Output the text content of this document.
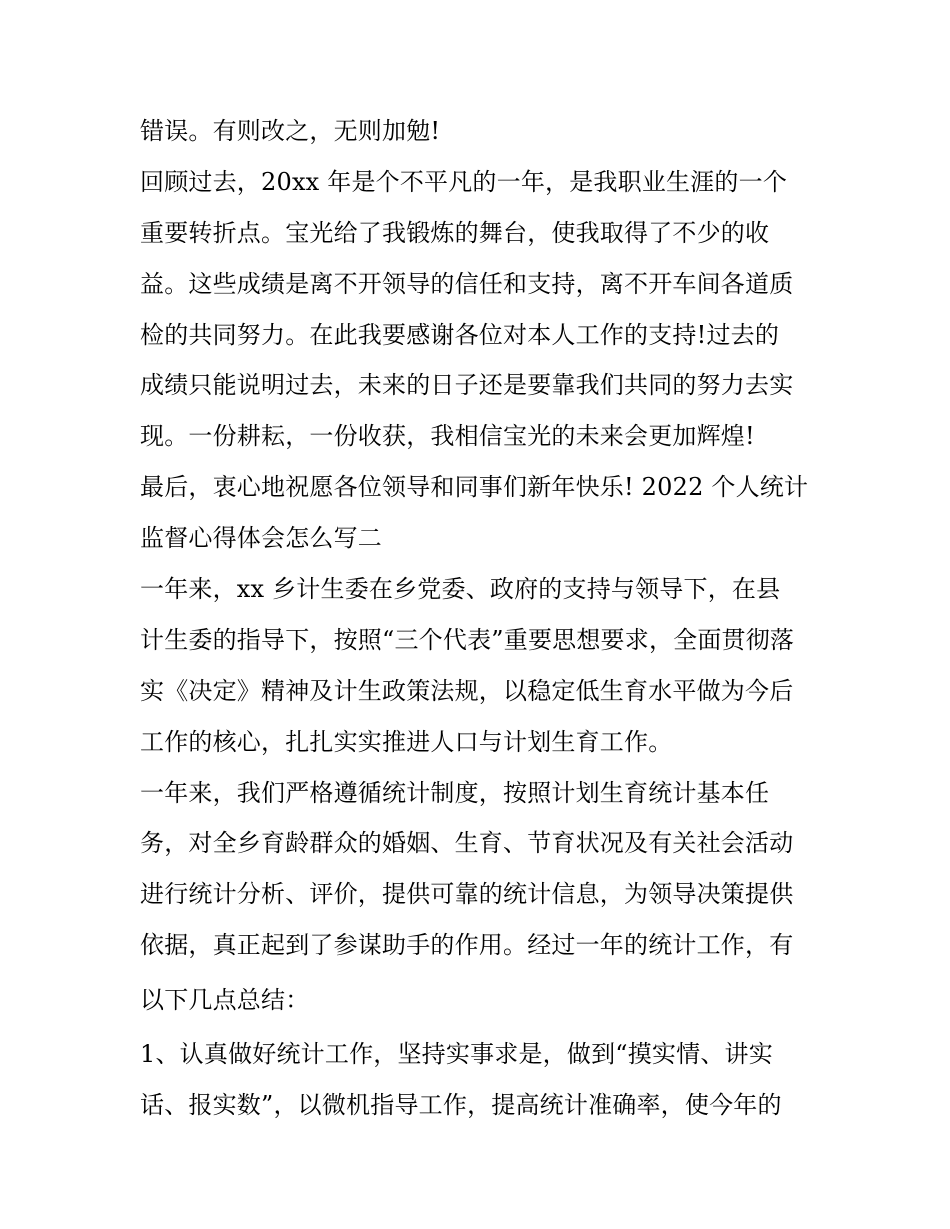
错误。有则改之，无则加勉!
回顾过去，20xx 年是个不平凡的一年，是我职业生涯的一个
重要转折点。宝光给了我锻炼的舞台，使我取得了不少的收
益。这些成绩是离不开领导的信任和支持，离不开车间各道质
检的共同努力。在此我要感谢各位对本人工作的支持!过去的
成绩只能说明过去，未来的日子还是要靠我们共同的努力去实
现。一份耕耘，一份收获，我相信宝光的未来会更加辉煌!
最后，衷心地祝愿各位领导和同事们新年快乐! 2022 个人统计
监督心得体会怎么写二
一年来，xx 乡计生委在乡党委、政府的支持与领导下，在县
计生委的指导下，按照“三个代表”重要思想要求，全面贯彻落
实《决定》精神及计生政策法规，以稳定低生育水平做为今后
工作的核心，扎扎实实推进人口与计划生育工作。
一年来，我们严格遵循统计制度，按照计划生育统计基本任
务，对全乡育龄群众的婚姻、生育、节育状况及有关社会活动
进行统计分析、评价，提供可靠的统计信息，为领导决策提供
依据，真正起到了参谋助手的作用。经过一年的统计工作，有
以下几点总结：
1、认真做好统计工作，坚持实事求是，做到“摸实情、讲实
话、报实数”，以微机指导工作，提高统计准确率，使今年的
